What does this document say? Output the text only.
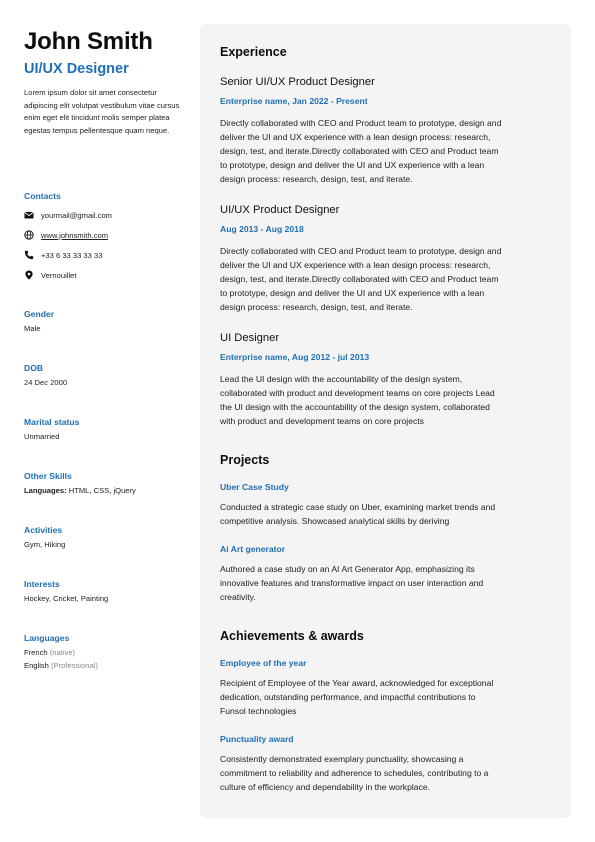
John Smith
UI/UX Designer
Lorem ipsum dolor sit amet consectetur adipiscing elit volutpat vestibulum vitae cursus enim eget elit tincidunt molis semper platea egestas tempus pellentesque quam neque.
Contacts
yourmail@gmail.com
www.johnsmith.com
+33 6 33 33 33 33
Vernouillet
Gender
Male
DOB
24 Dec 2000
Marital status
Unmarried
Other Skills
Languages: HTML, CSS, jQuery
Activities
Gym, Hiking
Interests
Hockey, Cricket, Painting
Languages
French (native)
English (Professional)
Experience
Senior UI/UX Product Designer
Enterprise name, Jan 2022 - Present
Directly collaborated with CEO and Product team to prototype, design and
deliver the UI and UX experience with a lean design process: research,
design, test, and iterate.Directly collaborated with CEO and Product team
to prototype, design and deliver the UI and UX experience with a lean
design process: research, design, test, and iterate.
UI/UX Product Designer
Aug 2013 - Aug 2018
Directly collaborated with CEO and Product team to prototype, design and
deliver the UI and UX experience with a lean design process: research,
design, test, and iterate.Directly collaborated with CEO and Product team
to prototype, design and deliver the UI and UX experience with a lean
design process: research, design, test, and iterate.
UI Designer
Enterprise name, Aug 2012 - jul 2013
Lead the UI design with the accountability of the design system,
collaborated with product and development teams on core projects Lead
the UI design with the accountability of the design system, collaborated
with product and development teams on core projects
Projects
Uber Case Study
Conducted a strategic case study on Uber, examining market trends and
competitive analysis. Showcased analytical skills by deriving
Ai Art generator
Authored a case study on an AI Art Generator App, emphasizing its
innovative features and transformative impact on user interaction and
creativity.
Achievements & awards
Employee of the year
Recipient of Employee of the Year award, acknowledged for exceptional
dedication, outstanding performance, and impactful contributions to
Funsol technologies
Punctuality award
Consistently demonstrated exemplary punctuality, showcasing a
commitment to reliability and adherence to schedules, contributing to a
culture of efficiency and dependability in the workplace.
